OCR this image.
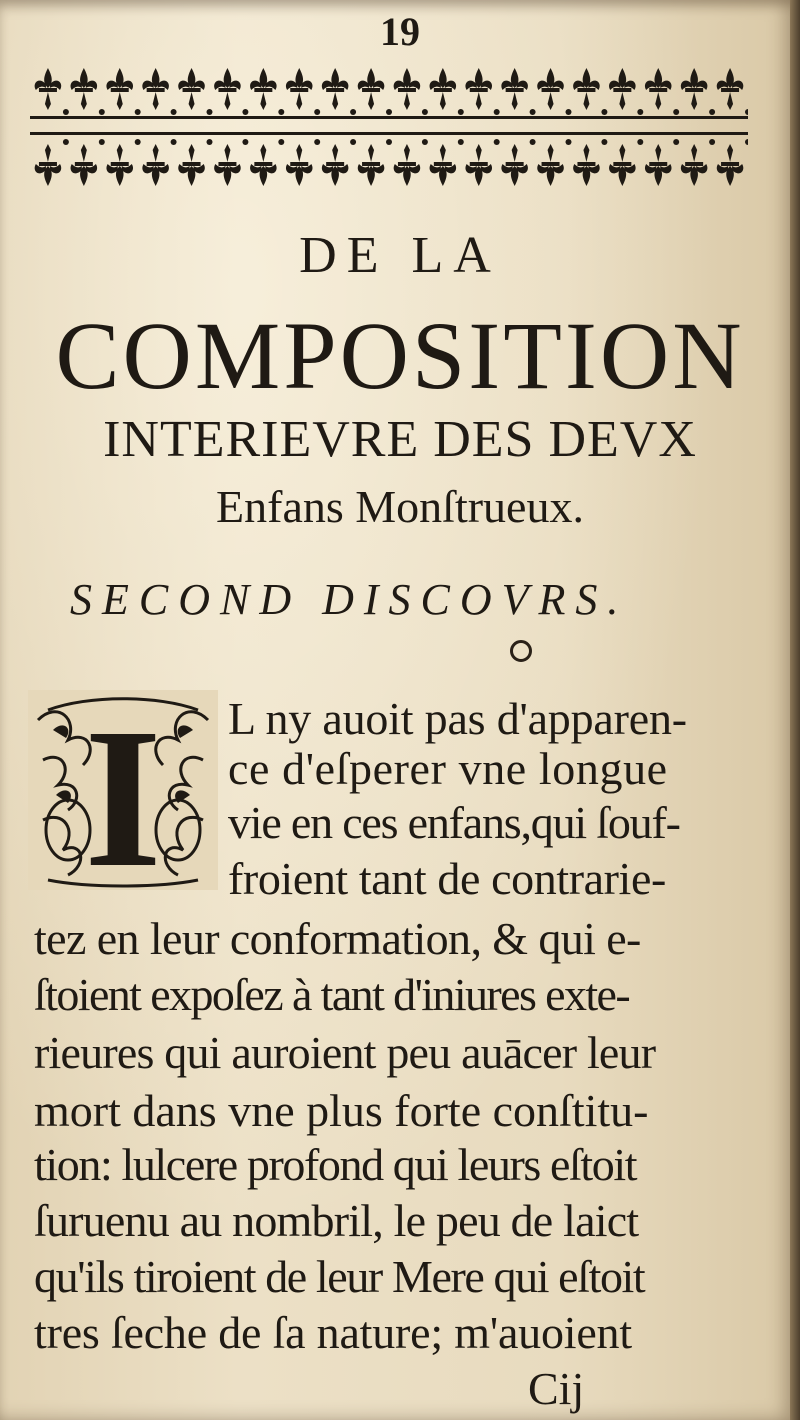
19
DE LA
COMPOSITION
INTERIEVRE DES DEVX
Enfans Monſtrueux.
SECOND DISCOVRS.
I L ny auoit pas d'apparen-
ce d'eſperer vne longue
vie en ces enfans,qui ſouf-
froient tant de contrarie-
tez en leur conformation, & qui e-
ſtoient expoſez à tant d'iniures exte-
rieures qui auroient peu auācer leur
mort dans vne plus forte conſtitu-
tion: lulcere profond qui leurs eſtoit
ſuruenu au nombril, le peu de laict
qu'ils tiroient de leur Mere qui eſtoit
tres ſeche de ſa nature; m'auoient
Cij
